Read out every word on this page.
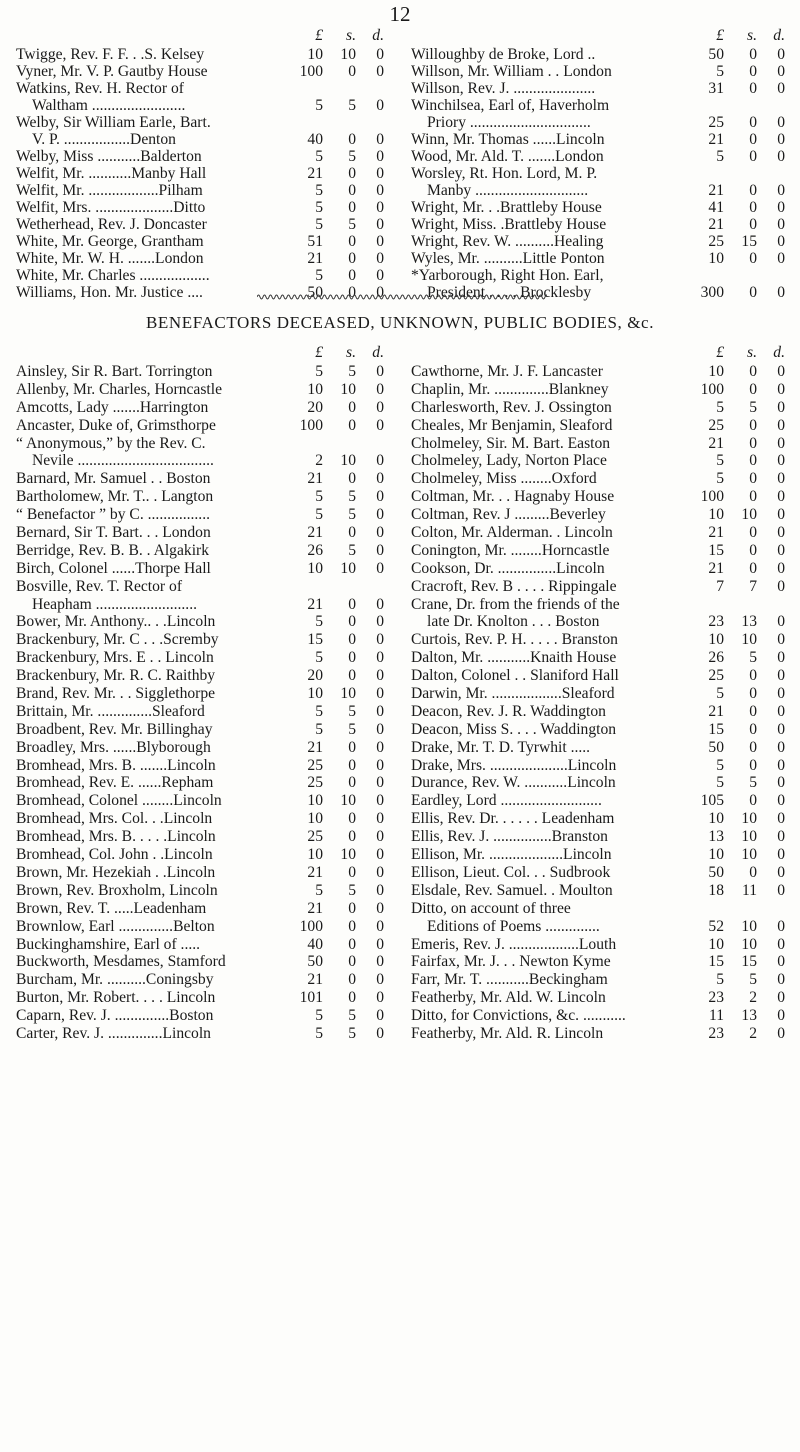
12
£	s.	d.
Twigge, Rev. F. F. . .S. Kelsey	10	10	0
Vyner, Mr. V. P. Gautby House	100	0	0
Watkins, Rev. H. Rector of
Waltham ........................	5	5	0
Welby, Sir William Earle, Bart.
V. P. .................Denton	40	0	0
Welby, Miss ...........Balderton	5	5	0
Welfit, Mr. ...........Manby Hall	21	0	0
Welfit, Mr. ..................Pilham	5	0	0
Welfit, Mrs. ....................Ditto	5	0	0
Wetherhead, Rev. J. Doncaster	5	5	0
White, Mr. George, Grantham	51	0	0
White, Mr. W. H. .......London	21	0	0
White, Mr. Charles ..................	5	0	0
Williams, Hon. Mr. Justice ....	50	0	0
£	s.	d.
Willoughby de Broke, Lord ..	50	0	0
Willson, Mr. William . . London	5	0	0
Willson, Rev. J. .....................	31	0	0
Winchilsea, Earl of, Haverholm
Priory ...............................	25	0	0
Winn, Mr. Thomas ......Lincoln	21	0	0
Wood, Mr. Ald. T. .......London	5	0	0
Worsley, Rt. Hon. Lord, M. P.
Manby .............................	21	0	0
Wright, Mr. . .Brattleby House	41	0	0
Wright, Miss. .Brattleby House	21	0	0
Wright, Rev. W. ..........Healing	25	15	0
Wyles, Mr. ..........Little Ponton	10	0	0
*Yarborough, Right Hon. Earl,
President . . . . Brocklesby	300	0	0
BENEFACTORS DECEASED, UNKNOWN, PUBLIC BODIES, &c.
£	s.	d.
Ainsley, Sir R. Bart. Torrington	5	5	0
Allenby, Mr. Charles, Horncastle	10	10	0
Amcotts, Lady .......Harrington	20	0	0
Ancaster, Duke of, Grimsthorpe	100	0	0
“ Anonymous,” by the Rev. C.
Nevile ...................................	2	10	0
Barnard, Mr. Samuel . . Boston	21	0	0
Bartholomew, Mr. T.. . Langton	5	5	0
“ Benefactor ” by C. ................	5	5	0
Bernard, Sir T. Bart. . . London	21	0	0
Berridge, Rev. B. B. . Algakirk	26	5	0
Birch, Colonel ......Thorpe Hall	10	10	0
Bosville, Rev. T. Rector of
Heapham ..........................	21	0	0
Bower, Mr. Anthony.. . .Lincoln	5	0	0
Brackenbury, Mr. C . . .Scremby	15	0	0
Brackenbury, Mrs. E . . Lincoln	5	0	0
Brackenbury, Mr. R. C. Raithby	20	0	0
Brand, Rev. Mr. . . Sigglethorpe	10	10	0
Brittain, Mr. ..............Sleaford	5	5	0
Broadbent, Rev. Mr. Billinghay	5	5	0
Broadley, Mrs. ......Blyborough	21	0	0
Bromhead, Mrs. B. .......Lincoln	25	0	0
Bromhead, Rev. E. ......Repham	25	0	0
Bromhead, Colonel ........Lincoln	10	10	0
Bromhead, Mrs. Col. . .Lincoln	10	0	0
Bromhead, Mrs. B. . . . .Lincoln	25	0	0
Bromhead, Col. John . .Lincoln	10	10	0
Brown, Mr. Hezekiah . .Lincoln	21	0	0
Brown, Rev. Broxholm, Lincoln	5	5	0
Brown, Rev. T. .....Leadenham	21	0	0
Brownlow, Earl ..............Belton	100	0	0
Buckinghamshire, Earl of .....	40	0	0
Buckworth, Mesdames, Stamford	50	0	0
Burcham, Mr. ..........Coningsby	21	0	0
Burton, Mr. Robert. . . . Lincoln	101	0	0
Caparn, Rev. J. ..............Boston	5	5	0
Carter, Rev. J. ..............Lincoln	5	5	0
£	s.	d.
Cawthorne, Mr. J. F. Lancaster	10	0	0
Chaplin, Mr. ..............Blankney	100	0	0
Charlesworth, Rev. J. Ossington	5	5	0
Cheales, Mr Benjamin, Sleaford	25	0	0
Cholmeley, Sir. M. Bart. Easton	21	0	0
Cholmeley, Lady, Norton Place	5	0	0
Cholmeley, Miss ........Oxford	5	0	0
Coltman, Mr. . . Hagnaby House	100	0	0
Coltman, Rev. J .........Beverley	10	10	0
Colton, Mr. Alderman. . Lincoln	21	0	0
Conington, Mr. ........Horncastle	15	0	0
Cookson, Dr. ...............Lincoln	21	0	0
Cracroft, Rev. B . . . . Rippingale	7	7	0
Crane, Dr. from the friends of the
late Dr. Knolton . . . Boston	23	13	0
Curtois, Rev. P. H. . . . . Branston	10	10	0
Dalton, Mr. ...........Knaith House	26	5	0
Dalton, Colonel . . Slaniford Hall	25	0	0
Darwin, Mr. ..................Sleaford	5	0	0
Deacon, Rev. J. R. Waddington	21	0	0
Deacon, Miss S. . . . Waddington	15	0	0
Drake, Mr. T. D. Tyrwhit .....	50	0	0
Drake, Mrs. ....................Lincoln	5	0	0
Durance, Rev. W. ...........Lincoln	5	5	0
Eardley, Lord ..........................	105	0	0
Ellis, Rev. Dr. . . . . . Leadenham	10	10	0
Ellis, Rev. J. ...............Branston	13	10	0
Ellison, Mr. ...................Lincoln	10	10	0
Ellison, Lieut. Col. . . Sudbrook	50	0	0
Elsdale, Rev. Samuel. . Moulton	18	11	0
Ditto, on account of three
Editions of Poems ..............	52	10	0
Emeris, Rev. J. ..................Louth	10	10	0
Fairfax, Mr. J. . . Newton Kyme	15	15	0
Farr, Mr. T. ...........Beckingham	5	5	0
Featherby, Mr. Ald. W. Lincoln	23	2	0
Ditto, for Convictions, &c. ...........	11	13	0
Featherby, Mr. Ald. R. Lincoln	23	2	0
